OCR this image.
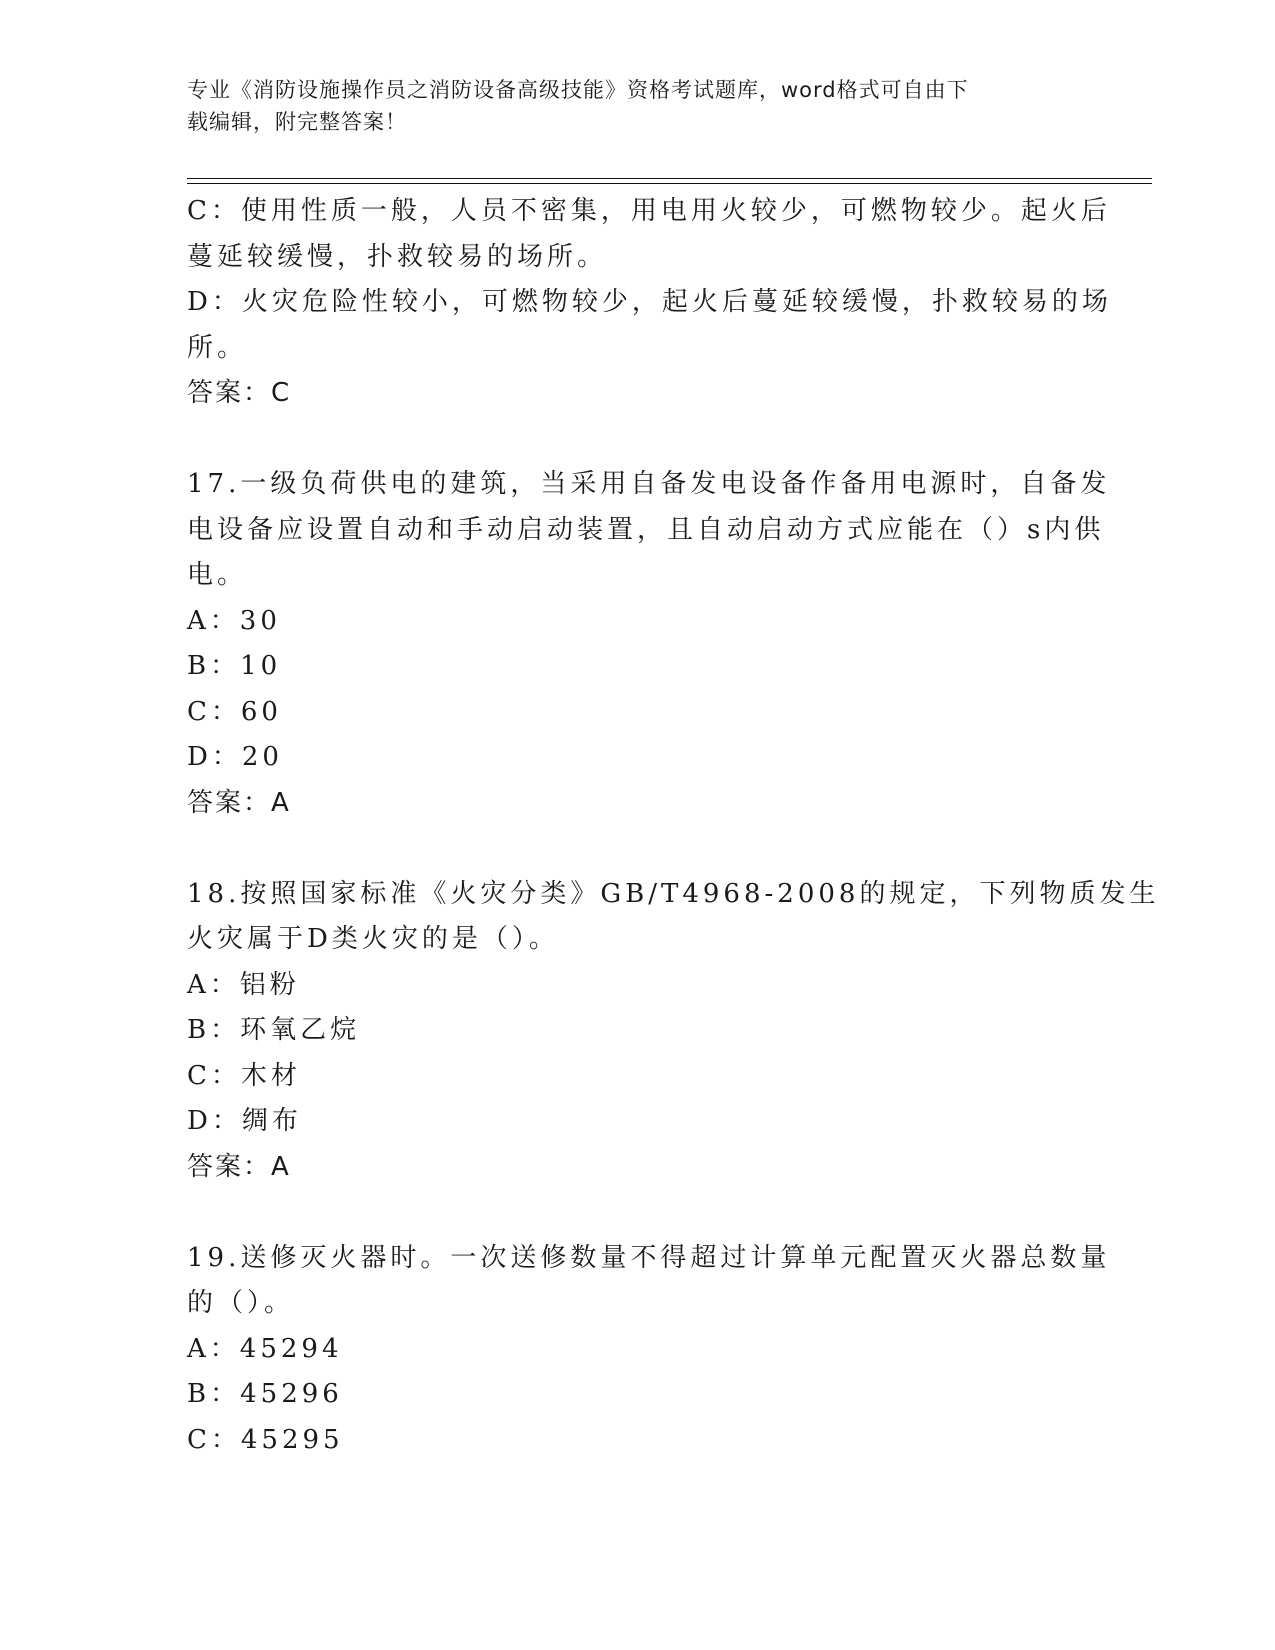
专业《消防设施操作员之消防设备高级技能》资格考试题库，word格式可自由下
载编辑，附完整答案！
C：使用性质一般，人员不密集，用电用火较少，可燃物较少。起火后
蔓延较缓慢，扑救较易的场所。
D：火灾危险性较小，可燃物较少，起火后蔓延较缓慢，扑救较易的场
所。
答案：C
17.一级负荷供电的建筑，当采用自备发电设备作备用电源时，自备发
电设备应设置自动和手动启动装置，且自动启动方式应能在（）s内供
电。
A：30
B：10
C：60
D：20
答案：A
18.按照国家标准《火灾分类》GB/T4968-2008的规定，下列物质发生
火灾属于D类火灾的是（）。
A：铝粉
B：环氧乙烷
C：木材
D：绸布
答案：A
19.送修灭火器时。一次送修数量不得超过计算单元配置灭火器总数量
的（）。
A：45294
B：45296
C：45295
